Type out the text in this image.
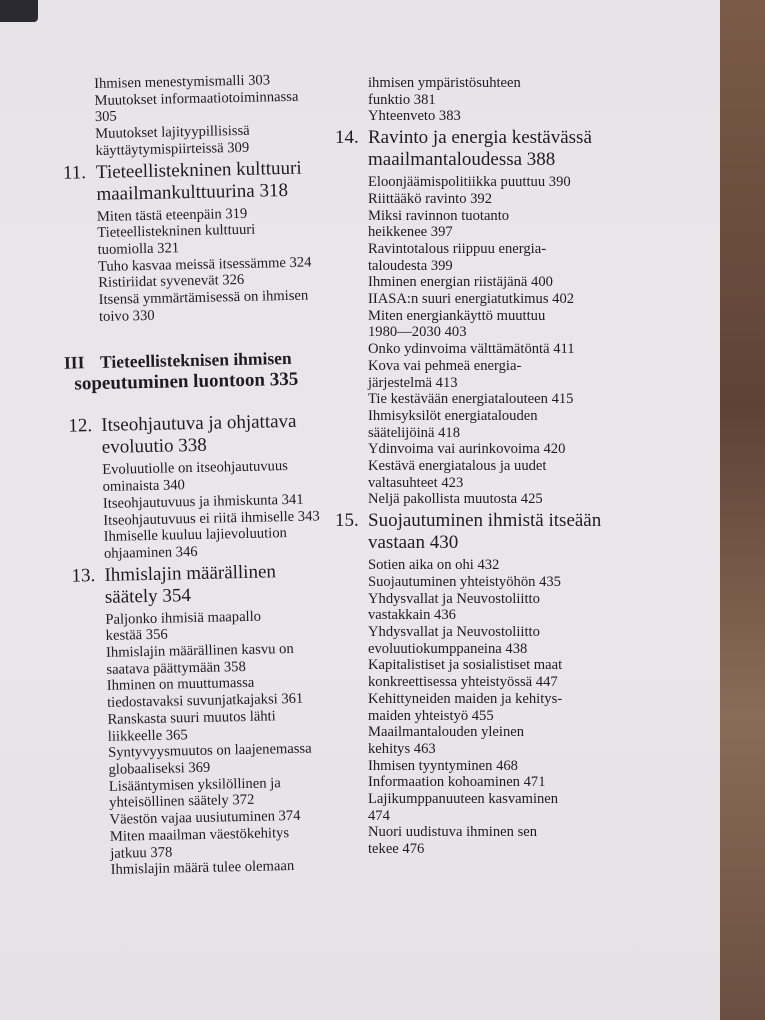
Ihmisen menestymismalli 303
Muutokset informaatiotoiminnassa
305
Muutokset lajityypillisissä
käyttäytymispiirteissä 309
11. Tieteellistekninen kulttuuri
maailmankulttuurina 318
Miten tästä eteenpäin 319
Tieteellistekninen kulttuuri
tuomiolla 321
Tuho kasvaa meissä itsessämme 324
Ristiriidat syvenevät 326
Itsensä ymmärtämisessä on ihmisen
toivo 330
III Tieteellisteknisen ihmisen
sopeutuminen luontoon 335
12. Itseohjautuva ja ohjattava
evoluutio 338
Evoluutiolle on itseohjautuvuus
ominaista 340
Itseohjautuvuus ja ihmiskunta 341
Itseohjautuvuus ei riitä ihmiselle 343
Ihmiselle kuuluu lajievoluution
ohjaaminen 346
13. Ihmislajin määrällinen
säätely 354
Paljonko ihmisiä maapallo
kestää 356
Ihmislajin määrällinen kasvu on
saatava päättymään 358
Ihminen on muuttumassa
tiedostavaksi suvunjatkajaksi 361
Ranskasta suuri muutos lähti
liikkeelle 365
Syntyvyysmuutos on laajenemassa
globaaliseksi 369
Lisääntymisen yksilöllinen ja
yhteisöllinen säätely 372
Väestön vajaa uusiutuminen 374
Miten maailman väestökehitys
jatkuu 378
Ihmislajin määrä tulee olemaan
ihmisen ympäristösuhteen
funktio 381
Yhteenveto 383
14. Ravinto ja energia kestävässä
maailmantaloudessa 388
Eloonjäämispolitiikka puuttuu 390
Riittääkö ravinto 392
Miksi ravinnon tuotanto
heikkenee 397
Ravintotalous riippuu energia-
taloudesta 399
Ihminen energian riistäjänä 400
IIASA:n suuri energiatutkimus 402
Miten energiankäyttö muuttuu
1980—2030 403
Onko ydinvoima välttämätöntä 411
Kova vai pehmeä energia-
järjestelmä 413
Tie kestävään energiatalouteen 415
Ihmisyksilöt energiatalouden
säätelijöinä 418
Ydinvoima vai aurinkovoima 420
Kestävä energiatalous ja uudet
valtasuhteet 423
Neljä pakollista muutosta 425
15. Suojautuminen ihmistä itseään
vastaan 430
Sotien aika on ohi 432
Suojautuminen yhteistyöhön 435
Yhdysvallat ja Neuvostoliitto
vastakkain 436
Yhdysvallat ja Neuvostoliitto
evoluutiokumppaneina 438
Kapitalistiset ja sosialistiset maat
konkreettisessa yhteistyössä 447
Kehittyneiden maiden ja kehitys-
maiden yhteistyö 455
Maailmantalouden yleinen
kehitys 463
Ihmisen tyyntyminen 468
Informaation kohoaminen 471
Lajikumppanuuteen kasvaminen
474
Nuori uudistuva ihminen sen
tekee 476
